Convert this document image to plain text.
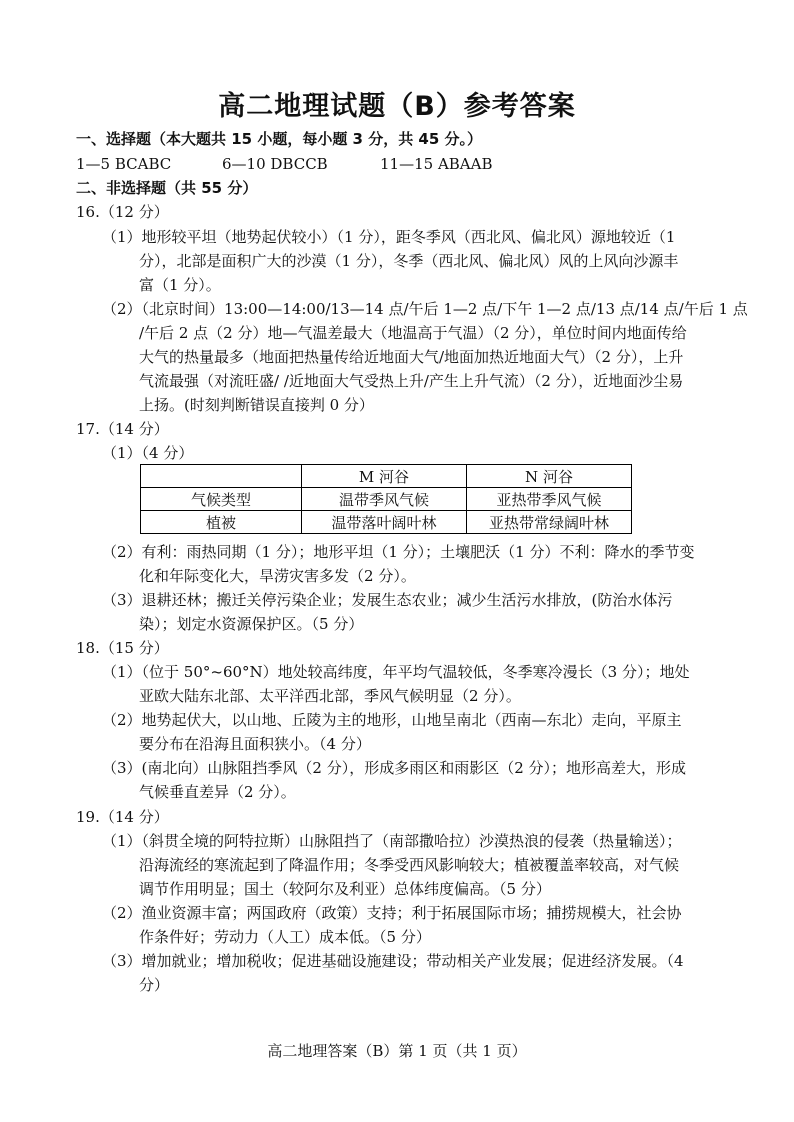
高二地理试题（B）参考答案
一、选择题（本大题共 15 小题，每小题 3 分，共 45 分。）
1—5 BCABC	6—10 DBCCB	11—15 ABAAB
二、非选择题（共 55 分）
16.（12 分）
（1）地形较平坦（地势起伏较小）（1 分），距冬季风（西北风、偏北风）源地较近（1
分），北部是面积广大的沙漠（1 分），冬季（西北风、偏北风）风的上风向沙源丰
富（1 分）。
（2）（北京时间）13:00—14:00/13—14 点/午后 1—2 点/下午 1—2 点/13 点/14 点/午后 1 点
/午后 2 点（2 分）地—气温差最大（地温高于气温）（2 分），单位时间内地面传给
大气的热量最多（地面把热量传给近地面大气/地面加热近地面大气）（2 分），上升
气流最强（对流旺盛/ /近地面大气受热上升/产生上升气流）（2 分），近地面沙尘易
上扬。(时刻判断错误直接判 0 分）
17.（14 分）
（1）（4 分）
	M 河谷	N 河谷
气候类型	温带季风气候	亚热带季风气候
植被	温带落叶阔叶林	亚热带常绿阔叶林
（2）有利：雨热同期（1 分）；地形平坦（1 分）；土壤肥沃（1 分）不利：降水的季节变
化和年际变化大，旱涝灾害多发（2 分）。
（3）退耕还林；搬迁关停污染企业；发展生态农业；减少生活污水排放，(防治水体污
染）；划定水资源保护区。（5 分）
18.（15 分）
（1）（位于 50°~60°N）地处较高纬度，年平均气温较低，冬季寒冷漫长（3 分）；地处
亚欧大陆东北部、太平洋西北部，季风气候明显（2 分）。
（2）地势起伏大，以山地、丘陵为主的地形，山地呈南北（西南—东北）走向，平原主
要分布在沿海且面积狭小。（4 分）
（3）(南北向）山脉阻挡季风（2 分），形成多雨区和雨影区（2 分）；地形高差大，形成
气候垂直差异（2 分）。
19.（14 分）
（1）（斜贯全境的阿特拉斯）山脉阻挡了（南部撒哈拉）沙漠热浪的侵袭（热量输送）；
沿海流经的寒流起到了降温作用；冬季受西风影响较大；植被覆盖率较高，对气候
调节作用明显；国土（较阿尔及利亚）总体纬度偏高。（5 分）
（2）渔业资源丰富；两国政府（政策）支持；利于拓展国际市场；捕捞规模大，社会协
作条件好；劳动力（人工）成本低。（5 分）
（3）增加就业；增加税收；促进基础设施建设；带动相关产业发展；促进经济发展。（4
分）
高二地理答案（B）第 1 页（共 1 页）
